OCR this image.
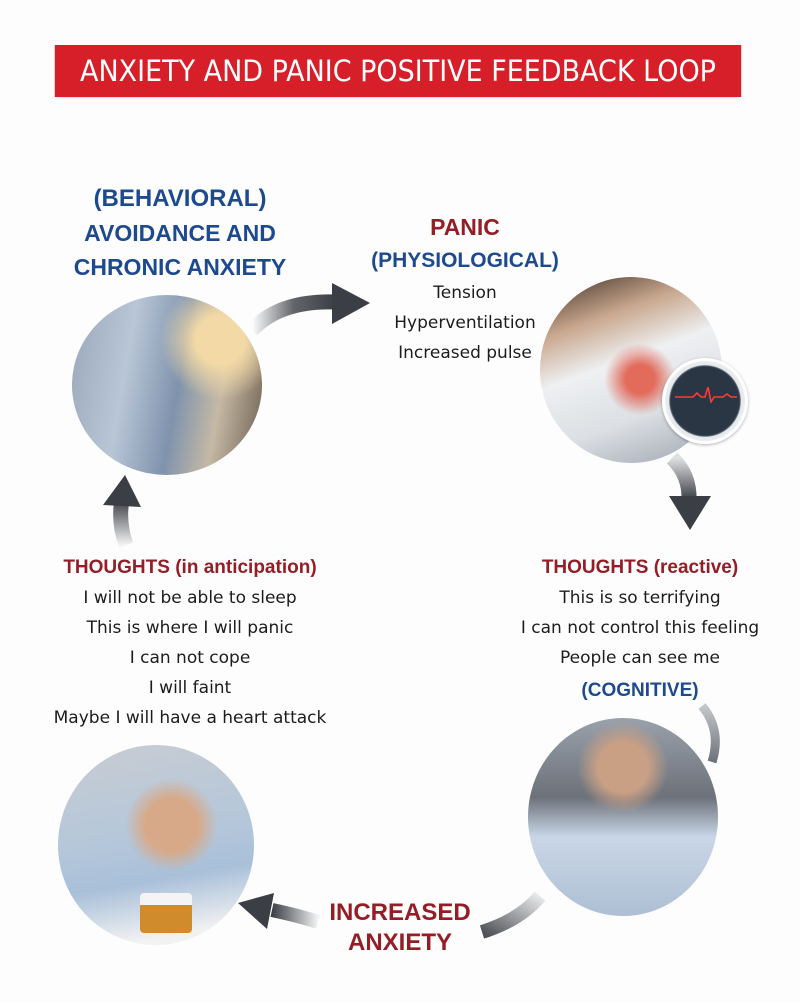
ANXIETY AND PANIC POSITIVE FEEDBACK LOOP
(BEHAVIORAL)
AVOIDANCE AND
CHRONIC ANXIETY
PANIC
(PHYSIOLOGICAL)
Tension
Hyperventilation
Increased pulse
THOUGHTS (reactive)
This is so terrifying
I can not control this feeling
People can see me
(COGNITIVE)
INCREASED
ANXIETY
THOUGHTS (in anticipation)
I will not be able to sleep
This is where I will panic
I can not cope
I will faint
Maybe I will have a heart attack
